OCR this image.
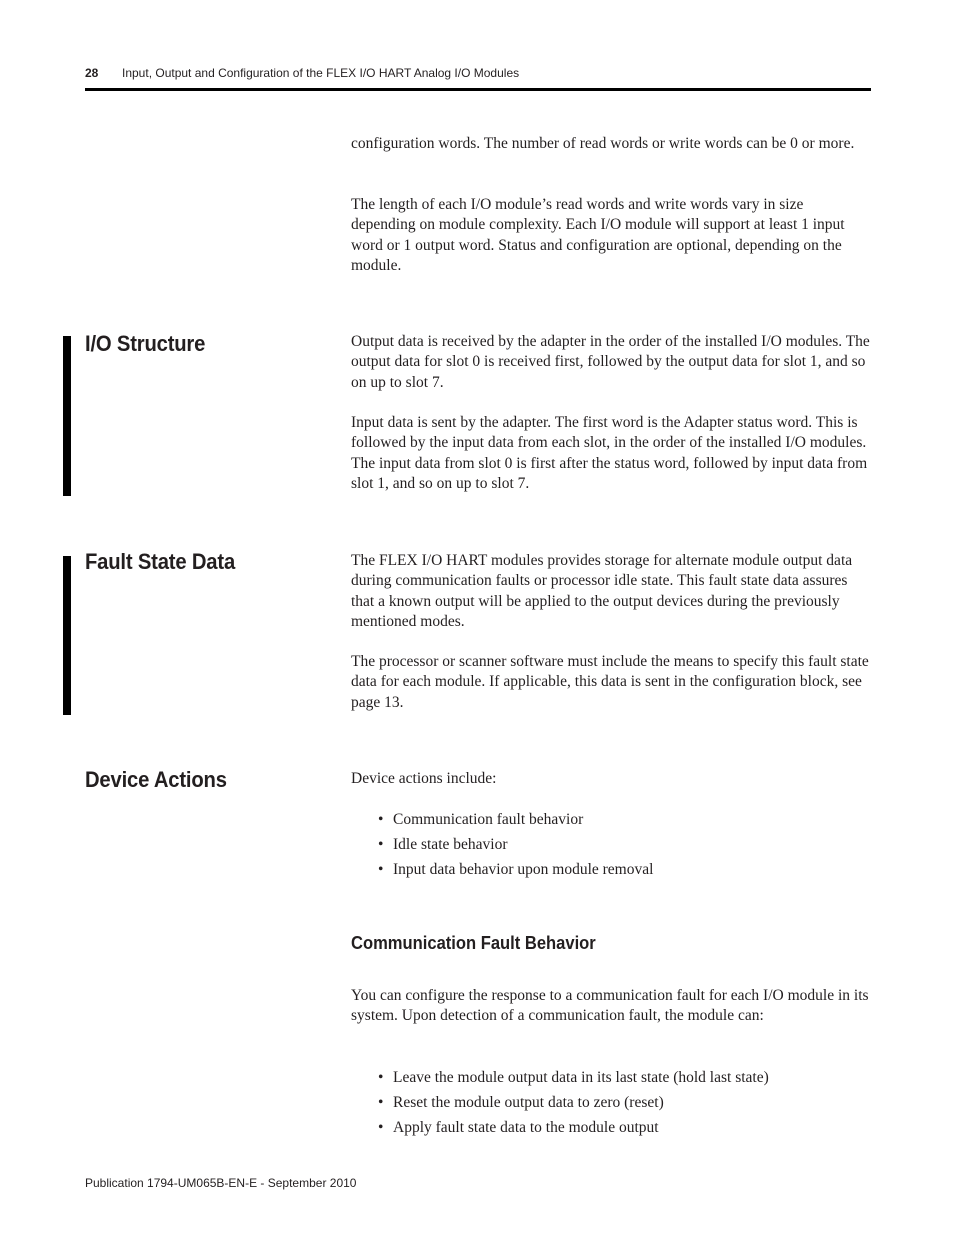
28 Input, Output and Configuration of the FLEX I/O HART Analog I/O Modules

configuration words. The number of read words or write words can be 0 or more.

The length of each I/O module’s read words and write words vary in size depending on module complexity. Each I/O module will support at least 1 input word or 1 output word. Status and configuration are optional, depending on the module.

I/O Structure	Output data is received by the adapter in the order of the installed I/O modules. The output data for slot 0 is received first, followed by the output data for slot 1, and so on up to slot 7.

Input data is sent by the adapter. The first word is the Adapter status word. This is followed by the input data from each slot, in the order of the installed I/O modules. The input data from slot 0 is first after the status word, followed by input data from slot 1, and so on up to slot 7.

Fault State Data	The FLEX I/O HART modules provides storage for alternate module output data during communication faults or processor idle state. This fault state data assures that a known output will be applied to the output devices during the previously mentioned modes.

The processor or scanner software must include the means to specify this fault state data for each module. If applicable, this data is sent in the configuration block, see page 13.

Device Actions	Device actions include:

• Communication fault behavior
• Idle state behavior
• Input data behavior upon module removal
Communication Fault Behavior

You can configure the response to a communication fault for each I/O module in its system. Upon detection of a communication fault, the module can:

• Leave the module output data in its last state (hold last state)
• Reset the module output data to zero (reset)
• Apply fault state data to the module output
Publication 1794-UM065B-EN-E - September 2010
